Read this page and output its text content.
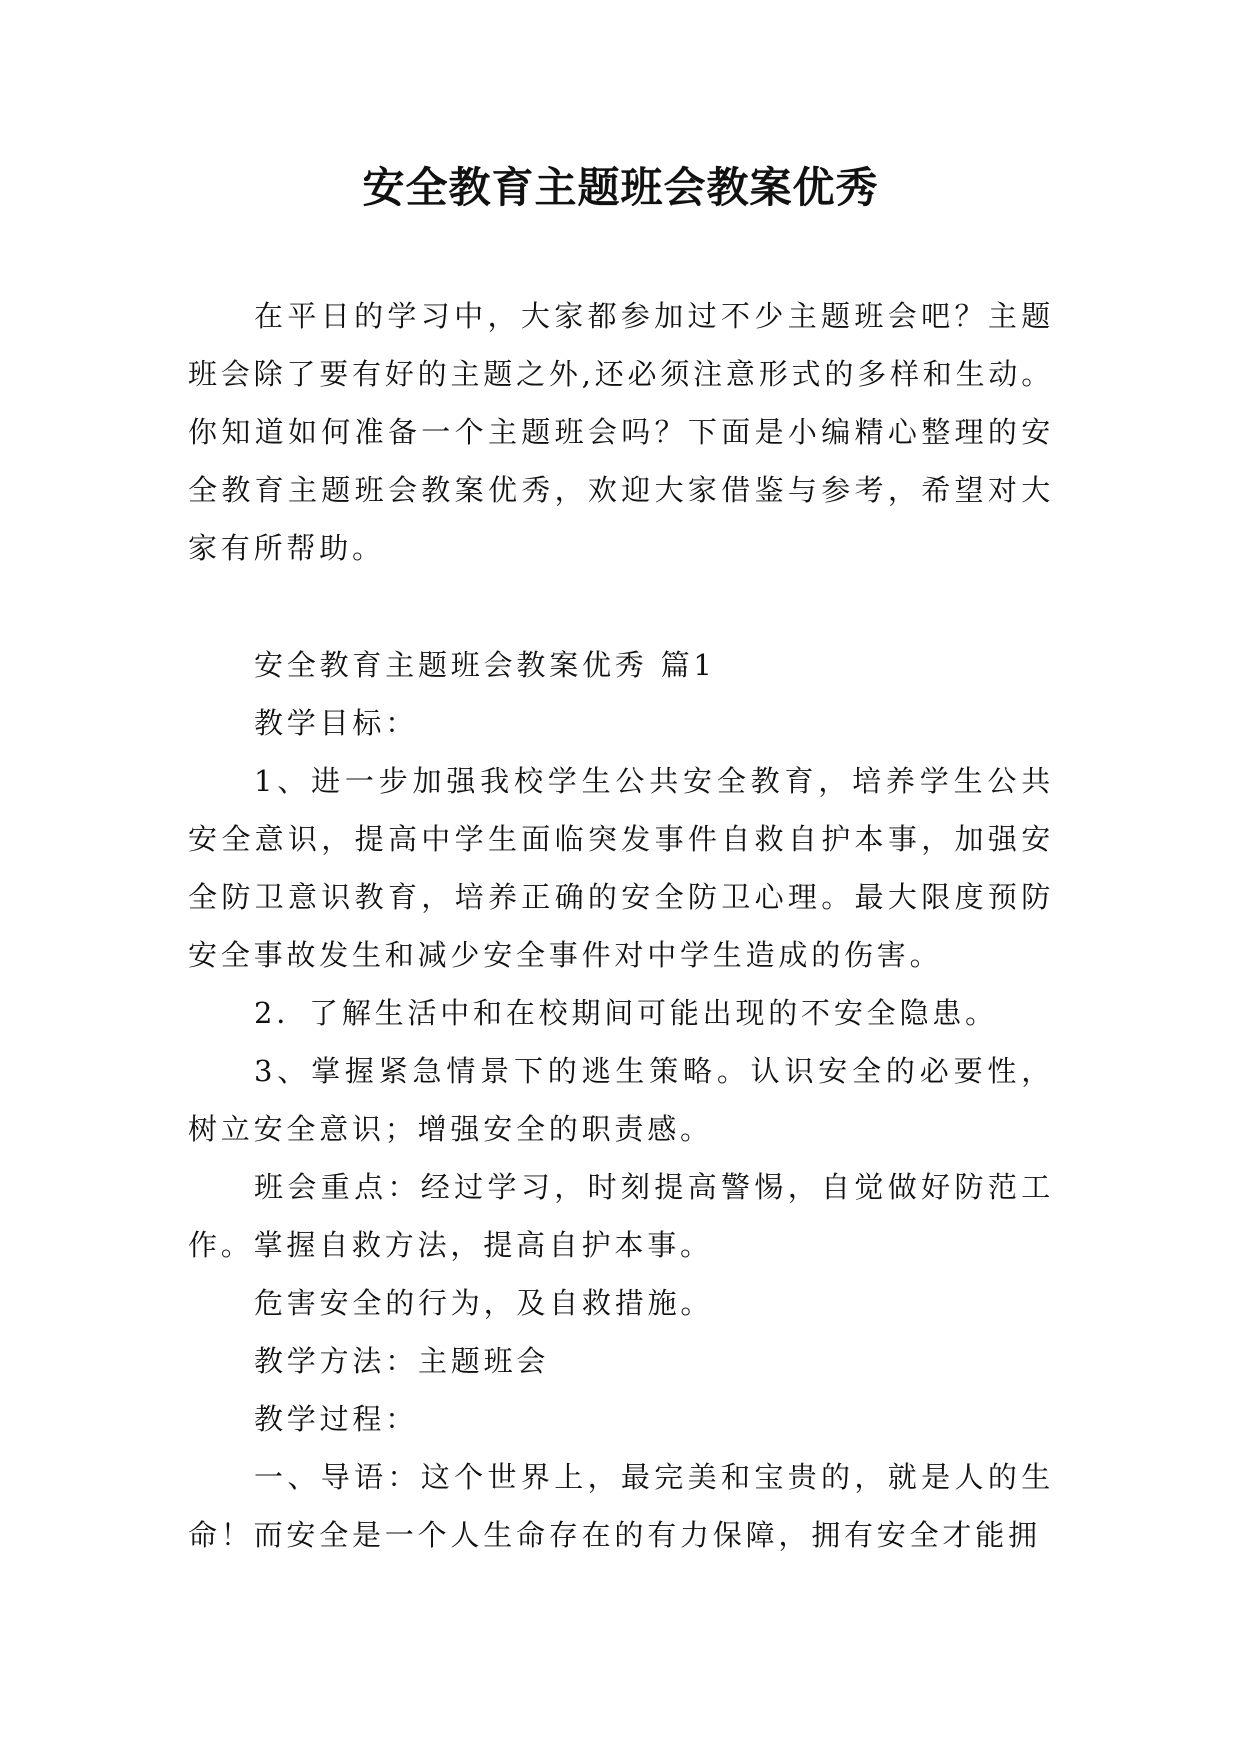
安全教育主题班会教案优秀

在平日的学习中，大家都参加过不少主题班会吧？主题班会除了要有好的主题之外,还必须注意形式的多样和生动。你知道如何准备一个主题班会吗？下面是小编精心整理的安全教育主题班会教案优秀，欢迎大家借鉴与参考，希望对大家有所帮助。

安全教育主题班会教案优秀 篇1

教学目标：

1、进一步加强我校学生公共安全教育，培养学生公共安全意识，提高中学生面临突发事件自救自护本事，加强安全防卫意识教育，培养正确的安全防卫心理。最大限度预防安全事故发生和减少安全事件对中学生造成的伤害。

2．了解生活中和在校期间可能出现的不安全隐患。

3、掌握紧急情景下的逃生策略。认识安全的必要性，树立安全意识；增强安全的职责感。

班会重点：经过学习，时刻提高警惕，自觉做好防范工作。掌握自救方法，提高自护本事。

危害安全的行为，及自救措施。

教学方法：主题班会

教学过程：

一、导语：这个世界上，最完美和宝贵的，就是人的生命！而安全是一个人生命存在的有力保障，拥有安全才能拥
